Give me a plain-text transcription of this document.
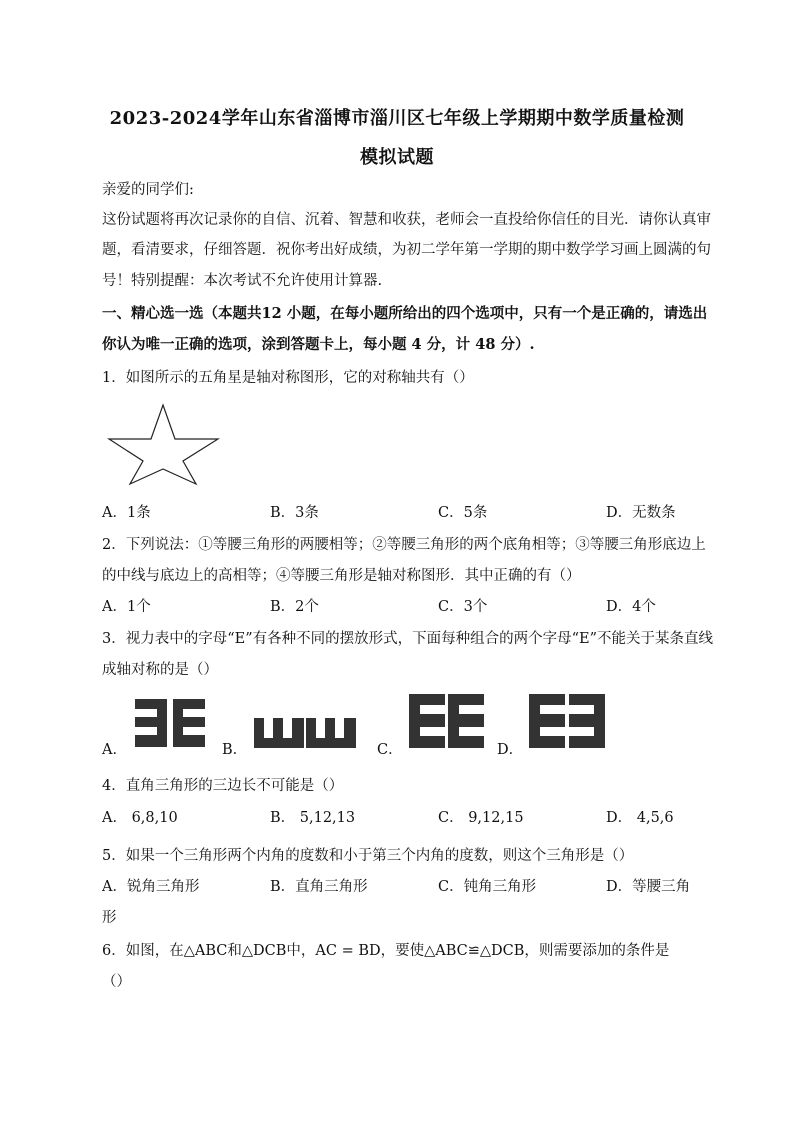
2023-2024学年山东省淄博市淄川区七年级上学期期中数学质量检测
模拟试题
亲爱的同学们:
这份试题将再次记录你的自信、沉着、智慧和收获，老师会一直投给你信任的目光．请你认真审
题，看清要求，仔细答题．祝你考出好成绩，为初二学年第一学期的期中数学学习画上圆满的句
号！特别提醒：本次考试不允许使用计算器.
一、精心选一选（本题共12 小题，在每小题所给出的四个选项中，只有一个是正确的，请选出
你认为唯一正确的选项，涂到答题卡上，每小题 4 分，计 48 分）.
1．如图所示的五角星是轴对称图形，它的对称轴共有（）
A．1条	B．3条	C．5条	D．无数条
2．下列说法：①等腰三角形的两腰相等；②等腰三角形的两个底角相等；③等腰三角形底边上
的中线与底边上的高相等；④等腰三角形是轴对称图形．其中正确的有（）
A．1个	B．2个	C．3个	D．4个
3．视力表中的字母“E”有各种不同的摆放形式，下面每种组合的两个字母“E”不能关于某条直线
成轴对称的是（）
A．	B．	C．	D．
4．直角三角形的三边长不可能是（）
A． 6,8,10	B． 5,12,13	C． 9,12,15	D． 4,5,6
5．如果一个三角形两个内角的度数和小于第三个内角的度数，则这个三角形是（）
A．锐角三角形	B．直角三角形	C．钝角三角形	D．等腰三角
形
6．如图，在△ABC和△DCB中，AC = BD，要使△ABC≌△DCB，则需要添加的条件是
（）
